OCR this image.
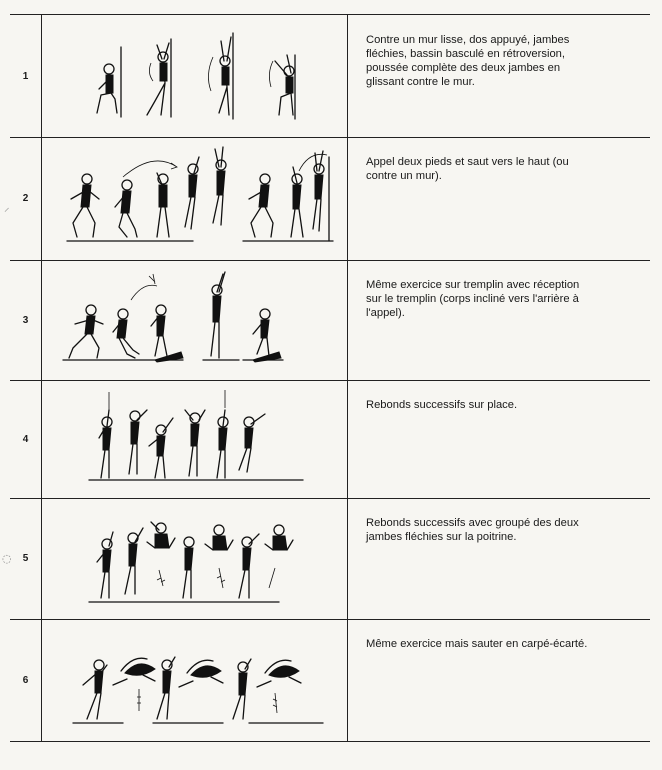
1
Contre un mur lisse, dos appuyé, jambes
fléchies, bassin basculé en rétroversion,
poussée complète des deux jambes en
glissant contre le mur.
2
Appel deux pieds et saut vers le haut (ou
contre un mur).
3
Même exercice sur tremplin avec réception
sur le tremplin (corps incliné vers l'arrière à
l'appel).
4
Rebonds successifs sur place.
5
Rebonds successifs avec groupé des deux
jambes fléchies sur la poitrine.
6
Même exercice mais sauter en carpé-écarté.
⸝
◌
